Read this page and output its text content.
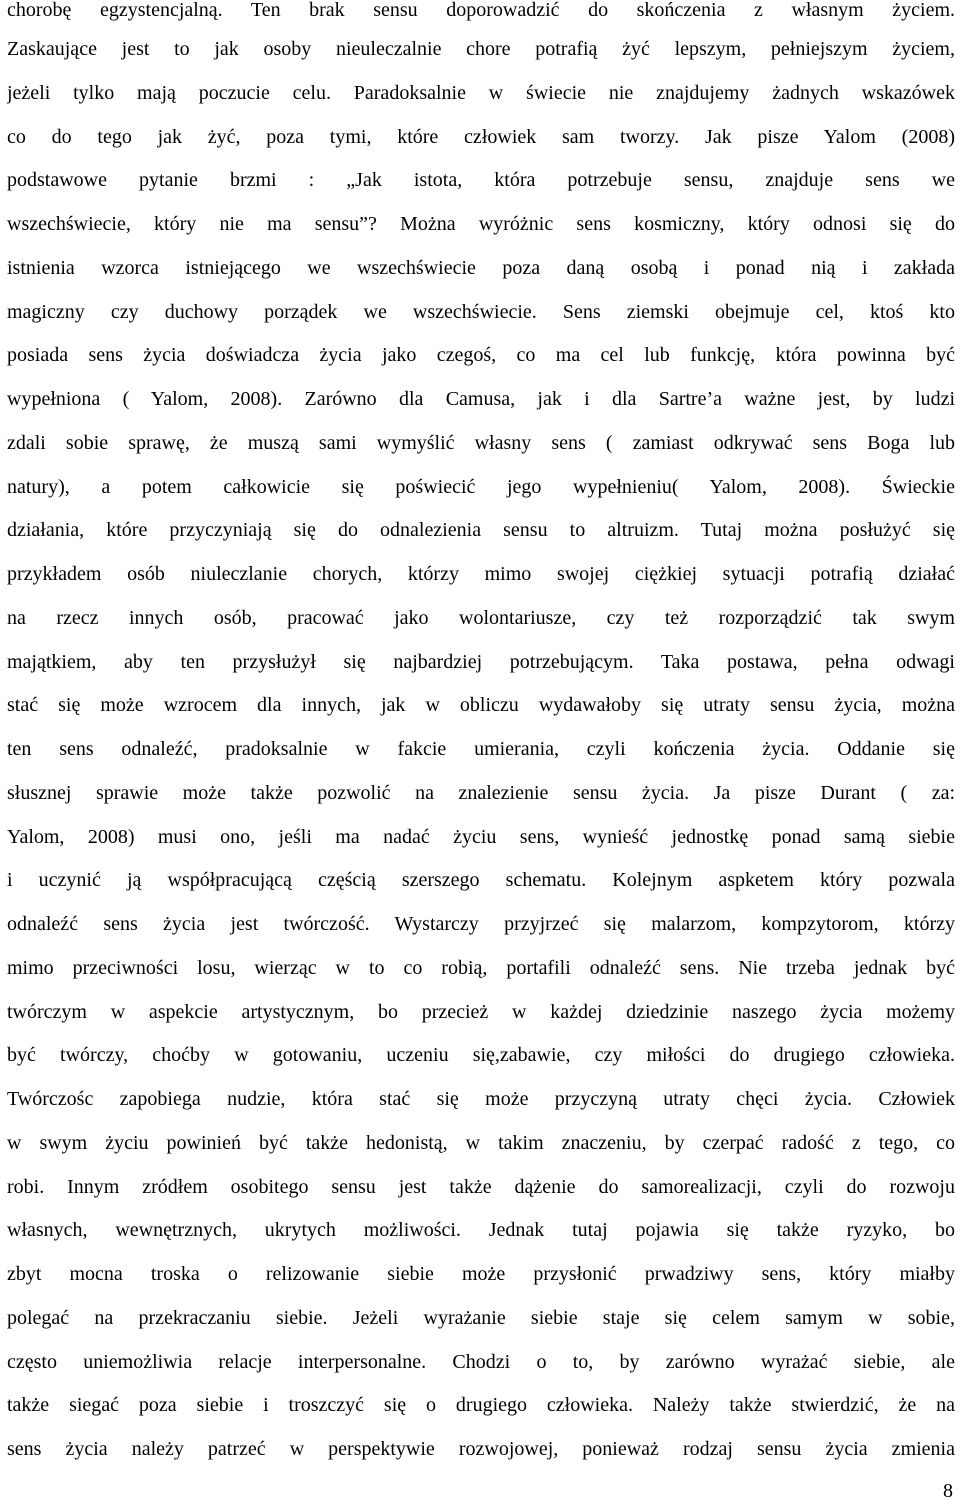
chorobę egzystencjalną. Ten brak sensu doporowadzić do skończenia z własnym życiem.
Zaskaujące jest to jak osoby nieuleczalnie chore potrafią żyć lepszym, pełniejszym życiem,
jeżeli tylko mają poczucie celu. Paradoksalnie w świecie nie znajdujemy żadnych wskazówek
co do tego jak żyć, poza tymi, które człowiek sam tworzy. Jak pisze Yalom (2008)
podstawowe pytanie brzmi : „Jak istota, która potrzebuje sensu, znajduje sens we
wszechświecie, który nie ma sensu”? Można wyróżnic sens kosmiczny, który odnosi się do
istnienia wzorca istniejącego we wszechświecie poza daną osobą i ponad nią i zakłada
magiczny czy duchowy porządek we wszechświecie. Sens ziemski obejmuje cel, ktoś kto
posiada sens życia doświadcza życia jako czegoś, co ma cel lub funkcję, która powinna być
wypełniona ( Yalom, 2008). Zarówno dla Camusa, jak i dla Sartre’a ważne jest, by ludzi
zdali sobie sprawę, że muszą sami wymyślić własny sens ( zamiast odkrywać sens Boga lub
natury), a potem całkowicie się poświecić jego wypełnieniu( Yalom, 2008). Świeckie
działania, które przyczyniają się do odnalezienia sensu to altruizm. Tutaj można posłużyć się
przykładem osób niuleczlanie chorych, którzy mimo swojej ciężkiej sytuacji potrafią działać
na rzecz innych osób, pracować jako wolontariusze, czy też rozporządzić tak swym
majątkiem, aby ten przysłużył się najbardziej potrzebującym. Taka postawa, pełna odwagi
stać się może wzrocem dla innych, jak w obliczu wydawałoby się utraty sensu życia, można
ten sens odnaleźć, pradoksalnie w fakcie umierania, czyli kończenia życia. Oddanie się
słusznej sprawie może także pozwolić na znalezienie sensu życia. Ja pisze Durant ( za:
Yalom, 2008) musi ono, jeśli ma nadać życiu sens, wynieść jednostkę ponad samą siebie
i uczynić ją współpracującą częścią szerszego schematu. Kolejnym aspketem który pozwala
odnaleźć sens życia jest twórczość. Wystarczy przyjrzeć się malarzom, kompzytorom, którzy
mimo przeciwności losu, wierząc w to co robią, portafili odnaleźć sens. Nie trzeba jednak być
twórczym w aspekcie artystycznym, bo przecież w każdej dziedzinie naszego życia możemy
być twórczy, choćby w gotowaniu, uczeniu się,zabawie, czy miłości do drugiego człowieka.
Twórczośc zapobiega nudzie, która stać się może przyczyną utraty chęci życia. Człowiek
w swym życiu powinień być także hedonistą, w takim znaczeniu, by czerpać radość z tego, co
robi. Innym zródłem osobitego sensu jest także dążenie do samorealizacji, czyli do rozwoju
własnych, wewnętrznych, ukrytych możliwości. Jednak tutaj pojawia się także ryzyko, bo
zbyt mocna troska o relizowanie siebie może przysłonić prwadziwy sens, który miałby
polegać na przekraczaniu siebie. Jeżeli wyrażanie siebie staje się celem samym w sobie,
często uniemożliwia relacje interpersonalne. Chodzi o to, by zarówno wyrażać siebie, ale
także siegać poza siebie i troszczyć się o drugiego człowieka. Należy także stwierdzić, że na
sens życia należy patrzeć w perspektywie rozwojowej, ponieważ rodzaj sensu życia zmienia
8
